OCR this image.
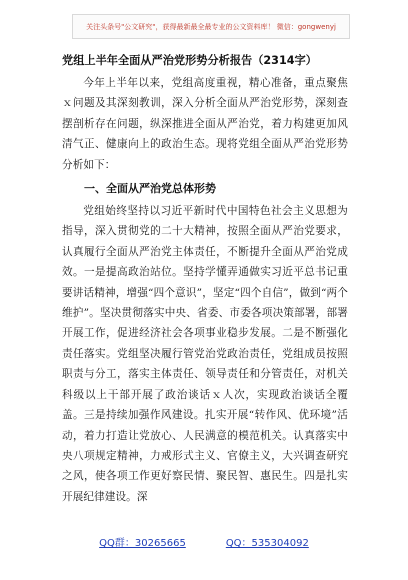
关注头条号"公文研究"，获得最新最全最专业的公文资料库！ 微信：gongwenyj
党组上半年全面从严治党形势分析报告（2314字）

今年上半年以来，党组高度重视，精心准备，重点聚焦ｘ问题及其深刻教训，深入分析全面从严治党形势，深刻查摆剖析存在问题，纵深推进全面从严治党，着力构建更加风清气正、健康向上的政治生态。现将党组全面从严治党形势分析如下：

一、全面从严治党总体形势

党组始终坚持以习近平新时代中国特色社会主义思想为指导，深入贯彻党的二十大精神，按照全面从严治党要求，认真履行全面从严治党主体责任，不断提升全面从严治党成效。一是提高政治站位。坚持学懂弄通做实习近平总书记重要讲话精神，增强“四个意识”，坚定“四个自信”，做到“两个维护”。坚决贯彻落实中央、省委、市委各项决策部署，部署开展工作，促进经济社会各项事业稳步发展。二是不断强化责任落实。党组坚决履行管党治党政治责任，党组成员按照职责与分工，落实主体责任、领导责任和分管责任，对机关科级以上干部开展了政治谈话ｘ人次，实现政治谈话全覆盖。三是持续加强作风建设。扎实开展“转作风、优环境”活动，着力打造让党放心、人民满意的模范机关。认真落实中央八项规定精神，力戒形式主义、官僚主义，大兴调查研究之风，使各项工作更好察民情、聚民智、惠民生。四是扎实开展纪律建设。深

QQ群：30265665	QQ：535304092
